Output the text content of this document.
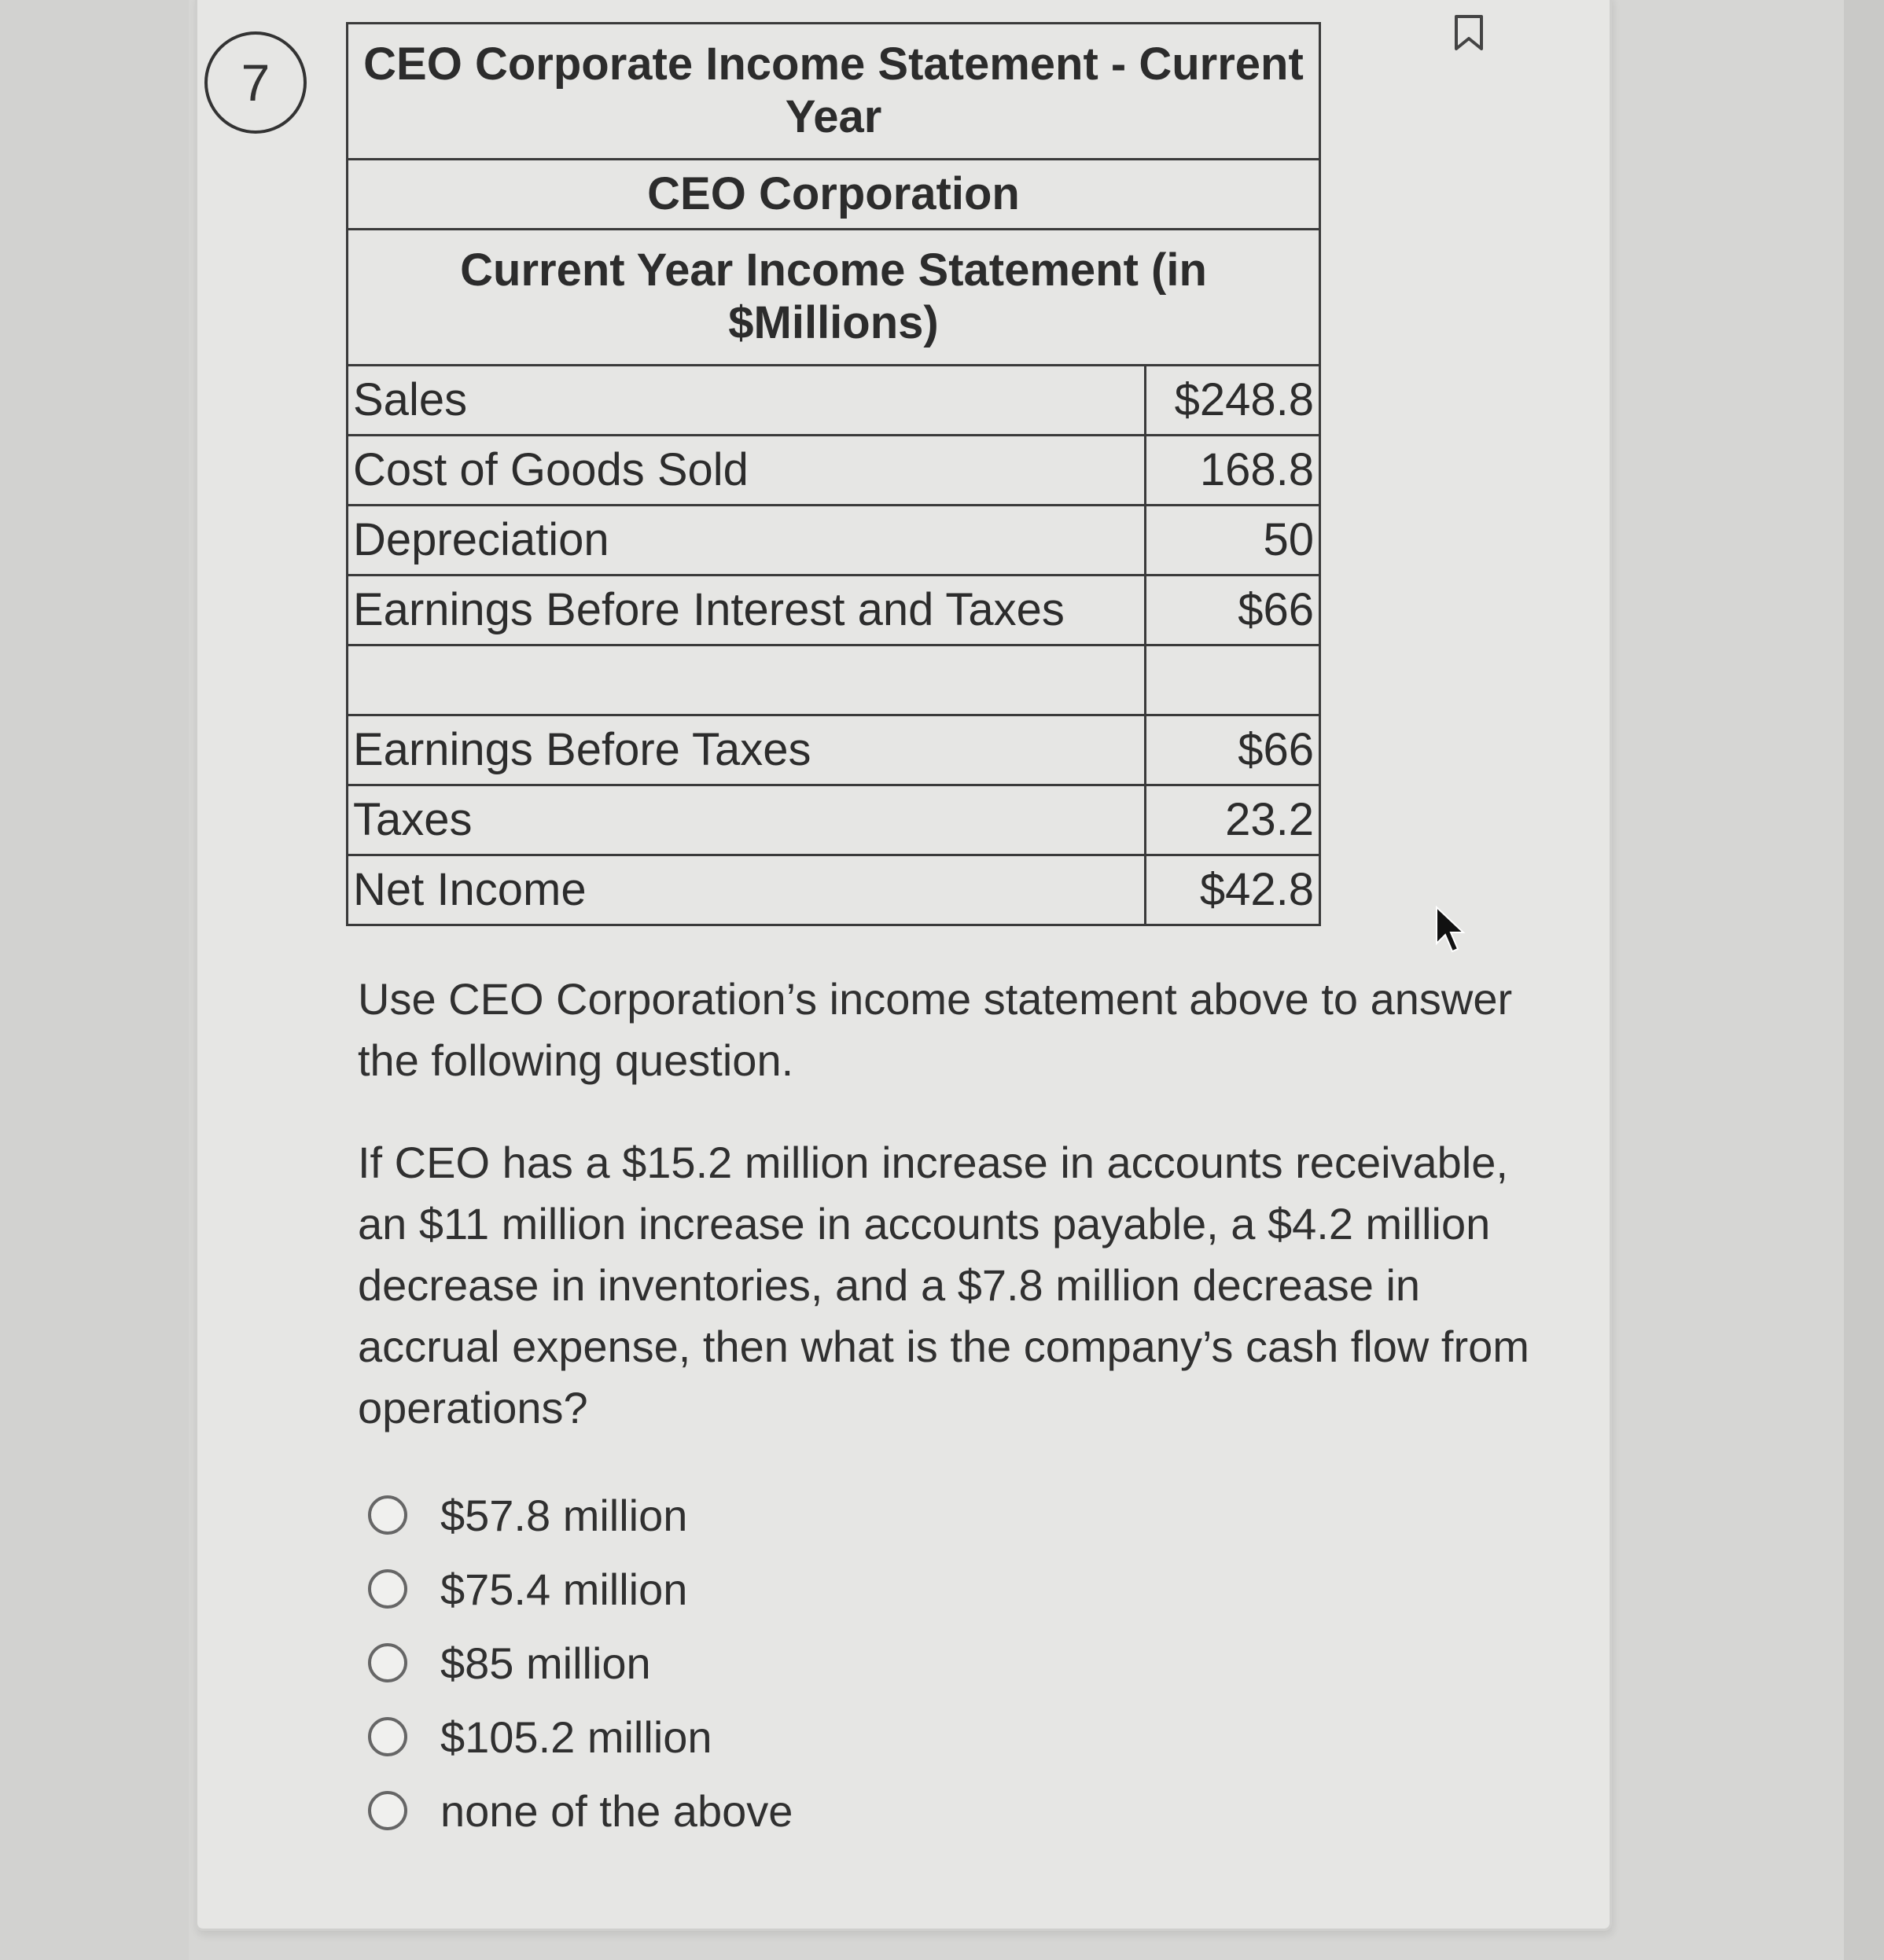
7 CEO Corporate Income Statement - Current Year	
CEO Corporation	
Current Year Income Statement (in $Millions)	
Sales	$248.8
Cost of Goods Sold	168.8
Depreciation	50
Earnings Before Interest and Taxes	$66

Earnings Before Taxes	$66
Taxes	23.2
Net Income	$42.8
Use CEO Corporation’s income statement above to answer the following question.
If CEO has a $15.2 million increase in accounts receivable, an $11 million increase in accounts payable, a $4.2 million decrease in inventories, and a $7.8 million decrease in accrual expense, then what is the company’s cash flow from operations?
$57.8 million
$75.4 million
$85 million
$105.2 million
none of the above
